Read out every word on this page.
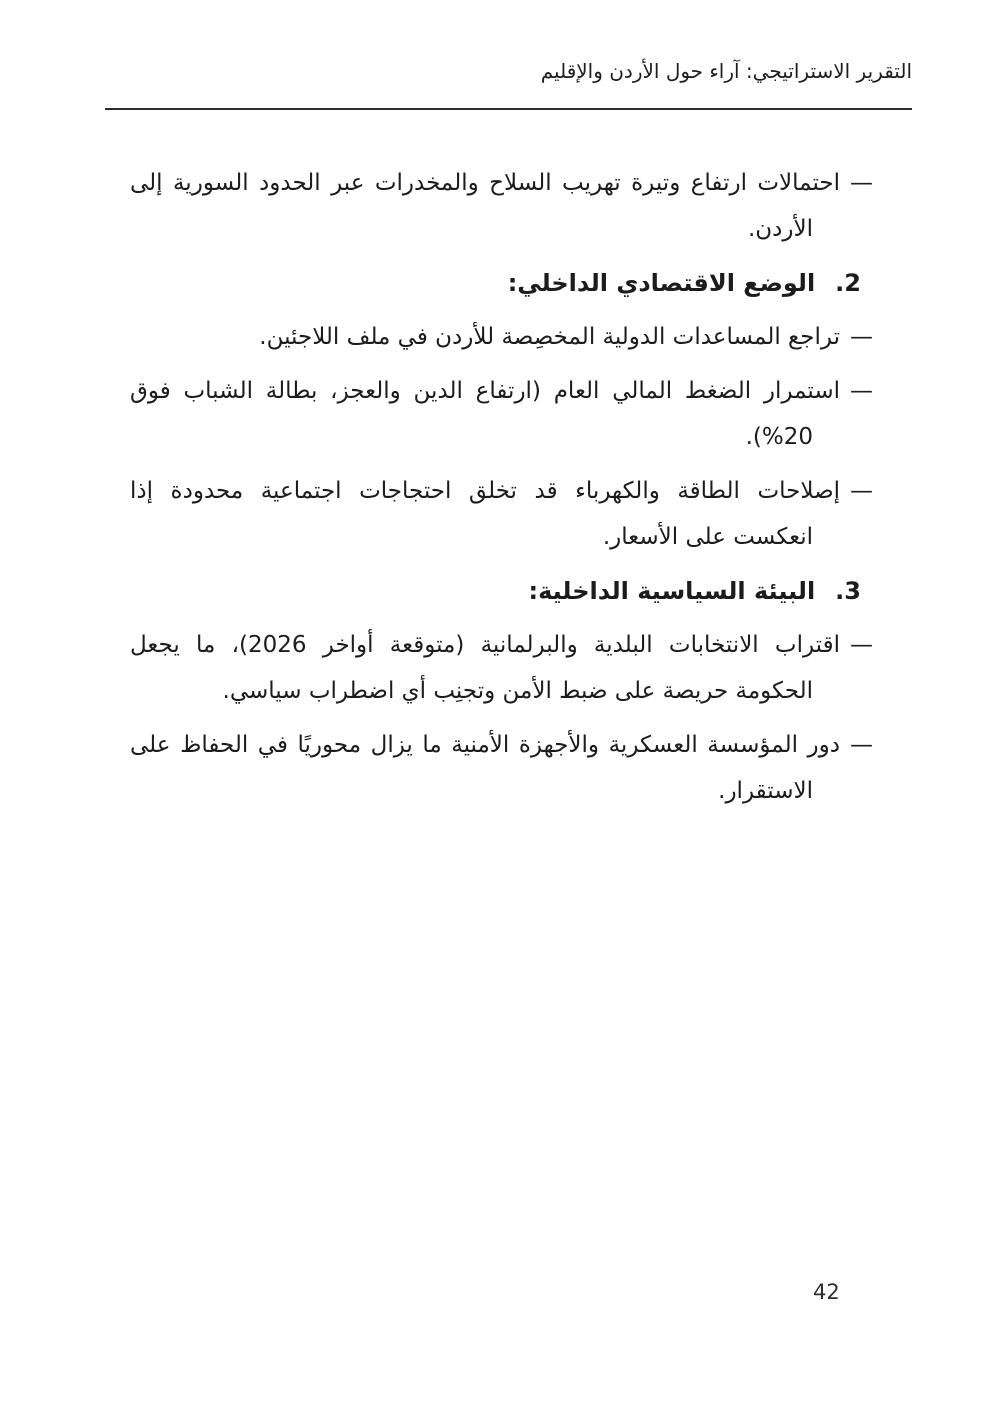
التقرير الاستراتيجي: آراء حول الأردن والإقليم
—
احتمالات ارتفاع وتيرة تهريب السلاح والمخدرات عبر الحدود السورية إلى الأردن.
2.الوضع الاقتصادي الداخلي:
—
تراجع المساعدات الدولية المخصِصة للأردن في ملف اللاجئين.
—
استمرار الضغط المالي العام (ارتفاع الدين والعجز، بطالة الشباب فوق 20%).
—
إصلاحات الطاقة والكهرباء قد تخلق احتجاجات اجتماعية محدودة إذا انعكست على الأسعار.
3.البيئة السياسية الداخلية:
—
اقتراب الانتخابات البلدية والبرلمانية (متوقعة أواخر 2026)، ما يجعل الحكومة حريصة على ضبط الأمن وتجنِب أي اضطراب سياسي.
—
دور المؤسسة العسكرية والأجهزة الأمنية ما يزال محوريًا في الحفاظ على الاستقرار.
42
